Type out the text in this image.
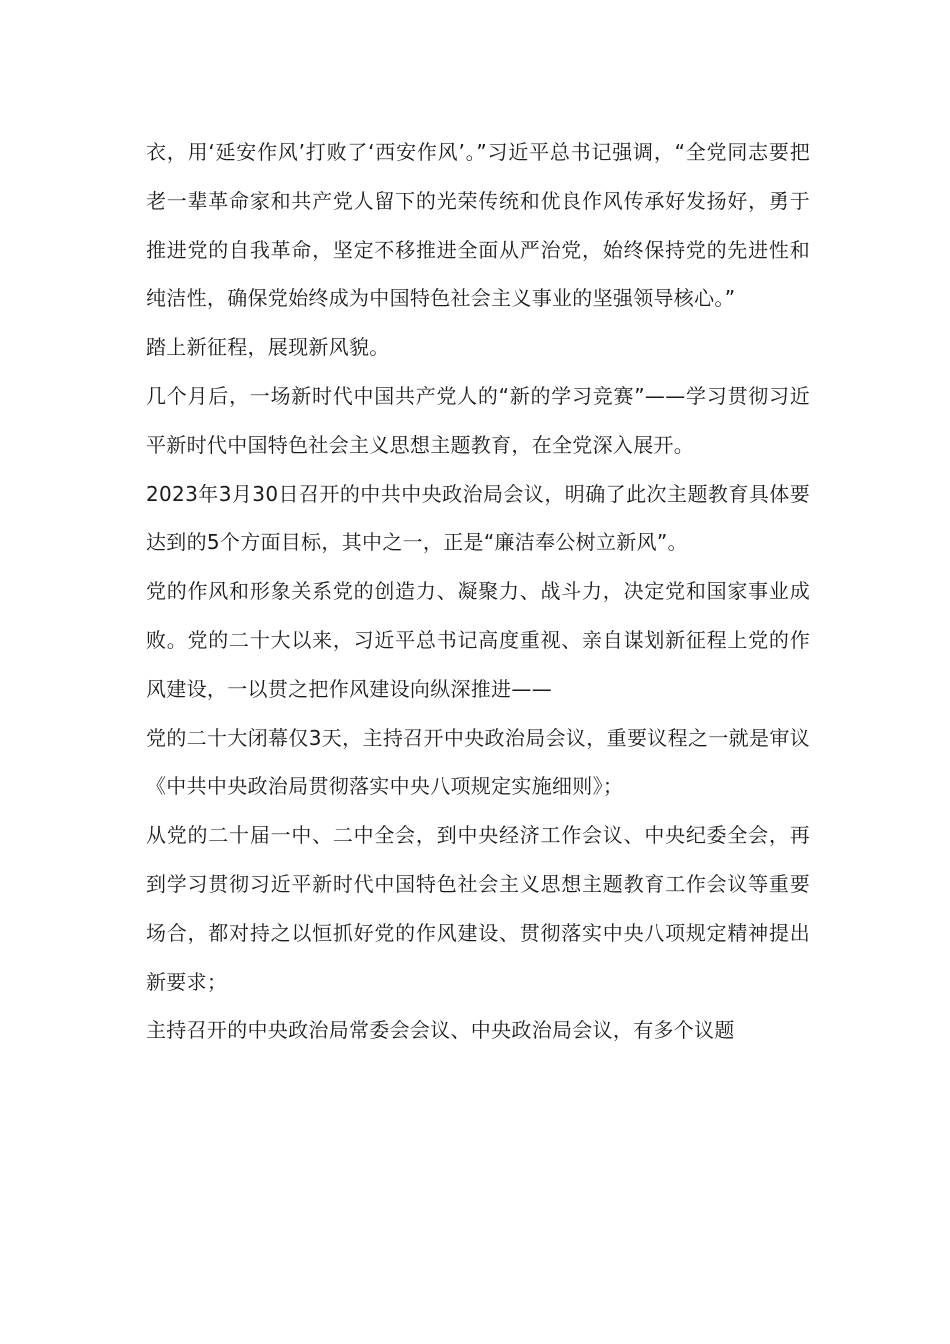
衣，用‘延安作风’打败了‘西安作风’。”习近平总书记强调，“全党同志要把老一辈革命家和共产党人留下的光荣传统和优良作风传承好发扬好，勇于推进党的自我革命，坚定不移推进全面从严治党，始终保持党的先进性和纯洁性，确保党始终成为中国特色社会主义事业的坚强领导核心。”

踏上新征程，展现新风貌。

几个月后，一场新时代中国共产党人的“新的学习竞赛”——学习贯彻习近平新时代中国特色社会主义思想主题教育，在全党深入展开。

2023年3月30日召开的中共中央政治局会议，明确了此次主题教育具体要达到的5个方面目标，其中之一，正是“廉洁奉公树立新风”。

党的作风和形象关系党的创造力、凝聚力、战斗力，决定党和国家事业成败。党的二十大以来，习近平总书记高度重视、亲自谋划新征程上党的作风建设，一以贯之把作风建设向纵深推进——

党的二十大闭幕仅3天，主持召开中央政治局会议，重要议程之一就是审议《中共中央政治局贯彻落实中央八项规定实施细则》；

从党的二十届一中、二中全会，到中央经济工作会议、中央纪委全会，再到学习贯彻习近平新时代中国特色社会主义思想主题教育工作会议等重要场合，都对持之以恒抓好党的作风建设、贯彻落实中央八项规定精神提出新要求；

主持召开的中央政治局常委会会议、中央政治局会议，有多个议题
